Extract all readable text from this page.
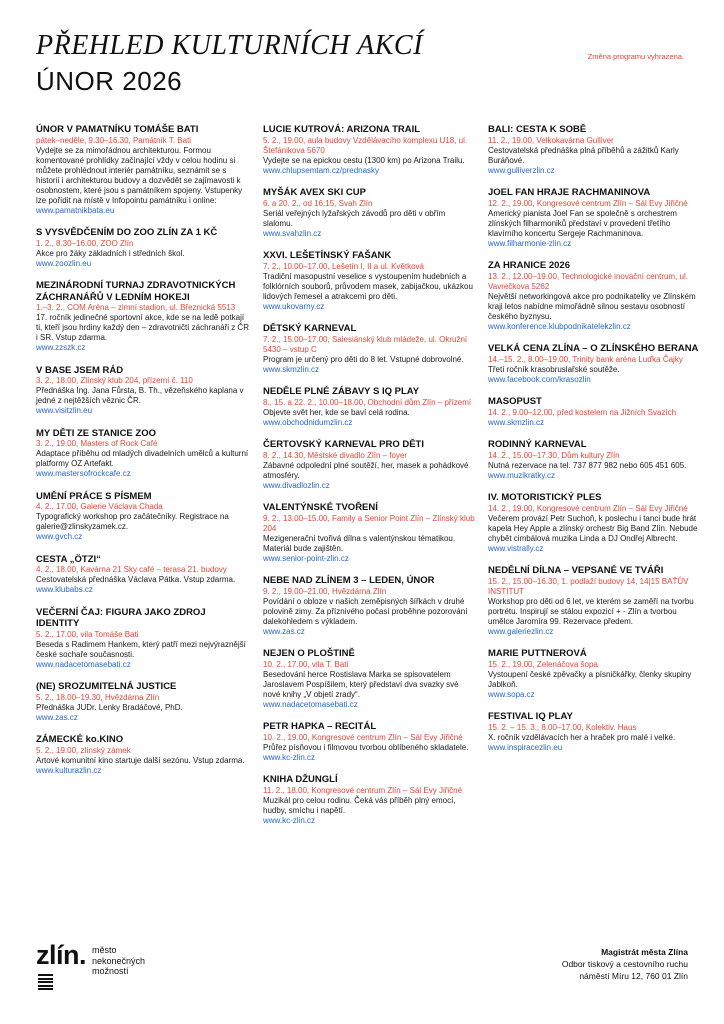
PŘEHLED KULTURNÍCH AKCÍ
ÚNOR 2026
Změna programu vyhrazena.
ÚNOR V PAMATNÍKU TOMÁŠE BATI
pátek–neděle, 9.30–16.30, Památník T. Bati
Vydejte se za mimořádnou architekturou. Formou komentované prohlídky začínající vždy v celou hodinu si můžete prohlédnout interiér památníku, seznámit se s historií i architekturou budovy a dozvědět se zajímavosti k osobnostem, které jsou s památníkem spojeny. Vstupenky lze pořídit na místě v Infopointu památníku i online:
www.pamatnikbata.eu
S VYSVĚDČENÍM DO ZOO ZLÍN ZA 1 KČ
1. 2., 8.30–16.00, ZOO Zlín
Akce pro žáky základních i středních škol.
www.zoozlin.eu
MEZINÁRODNÍ TURNAJ ZDRAVOTNICKÝCH ZÁCHRANÁŘŮ V LEDNÍM HOKEJI
1.–3. 2., COM Aréna – zimní stadion, ul. Březnická 5513
17. ročník jedinečné sportovní akce, kde se na ledě potkají ti, kteří jsou hrdiny každý den – zdravotničtí záchranáři z ČR i SR. Vstup zdarma.
www.zzszk.cz
V BASE JSEM RÁD
3. 2., 18.00, Zlínský klub 204, přízemí č. 110
Přednáška Ing. Jana Fůrsta, B. Th., vězeňského kaplana v jedné z nejtěžších věznic ČR.
www.visitzlin.eu
MY DĚTI ZE STANICE ZOO
3. 2., 19.00, Masters of Rock Café
Adaptace příběhu od mladých divadelních umělců a kulturní platformy OZ Artefakt.
www.mastersofrockcafe.cz
UMĚNÍ PRÁCE S PÍSMEM
4. 2., 17.00, Galerie Václava Chada
Typografický workshop pro začátečníky. Registrace na galerie@zlinskyzamek.cz.
www.gvch.cz
CESTA „ÖTZI“
4. 2., 18.00, Kavárna 21 Sky café – terasa 21. budovy
Cestovatelská přednáška Václava Pátka. Vstup zdarma.
www.klubabs.cz
VEČERNÍ ČAJ: FIGURA JAKO ZDROJ IDENTITY
5. 2., 17.00, vila Tomáše Bati
Beseda s Radimem Hankem, který patří mezi nejvýraznější české sochaře současnosti.
www.nadacetomasebati.cz
(NE) SROZUMITELNÁ JUSTICE
5. 2., 18.00–19.30, Hvězdárna Zlín
Přednáška JUDr. Lenky Bradáčové, PhD.
www.zas.cz
ZÁMECKÉ ko.KINO
5. 2., 19.00, zlínský zámek
Artové komunitní kino startuje další sezónu. Vstup zdarma.
www.kulturazlin.cz
LUCIE KUTROVÁ: ARIZONA TRAIL
5. 2., 19.00, aula budovy Vzdělávacího komplexu U18, ul. Štefánikova 5670
Vydejte se na epickou cestu (1300 km) po Arizona Trailu.
www.chlupsemtam.cz/prednasky
MYŠÁK AVEX SKI CUP
6. a 20. 2., od 16.15, Svah Zlín
Seriál veřejných lyžařských závodů pro děti v obřím slalomu.
www.svahzlin.cz
XXVI. LEŠETÍNSKÝ FAŠANK
7. 2., 10.00–17.00, Lešetín I, II a ul. Květková
Tradiční masopustní veselice s vystoupením hudebních a folklórních souborů, průvodem masek, zabijačkou, ukázkou lidových řemesel a atrakcemi pro děti.
www.ukovarny.cz
DĚTSKÝ KARNEVAL
7. 2., 15.00–17.00, Salesiánský klub mládeže, ul. Okružní 5430 – vstup C
Program je určený pro děti do 8 let. Vstupné dobrovolné.
www.skmzlin.cz
NEDĚLE PLNÉ ZÁBAVY S IQ PLAY
8., 15. a 22. 2., 10.00–18.00, Obchodní dům Zlín – přízemí
Objevte svět her, kde se baví celá rodina.
www.obchodnidumzlin.cz
ČERTOVSKÝ KARNEVAL PRO DĚTI
8. 2., 14.30, Městské divadlo Zlín – foyer
Zábavné odpolední plné soutěží, her, masek a pohádkové atmosféry.
www.divadlozlin.cz
VALENTÝNSKÉ TVOŘENÍ
9. 2., 13.00–15.00, Family a Senior Point Zlín – Zlínský klub 204
Mezigenerační tvořivá dílna s valentýnskou tématikou. Materiál bude zajištěn.
www.senior-point-zlin.cz
NEBE NAD ZLÍNEM 3 – LEDEN, ÚNOR
9. 2., 19.00–21.00, Hvězdárna Zlín
Povídání o obloze v našich zeměpisných šířkách v druhé polovině zimy. Za příznivého počasí proběhne pozorování dalekohledem s výkladem.
www.zas.cz
NEJEN O PLOŠTINĚ
10. 2., 17.00, vila T. Bati
Besedování herce Rostislava Marka se spisovatelem Jaroslavem Pospíšilem, který představí dva svazky své nové knihy „V objetí zrady“.
www.nadacetomasebati.cz
PETR HAPKA – RECITÁL
10. 2., 19.00, Kongresové centrum Zlín – Sál Evy Jiřičné
Průřez písňovou i filmovou tvorbou oblíbeného skladatele.
www.kc-zlin.cz
KNIHA DŽUNGLÍ
11. 2., 18.00, Kongresové centrum Zlín – Sál Evy Jiřičné
Muzikál pro celou rodinu. Čeká vás příběh plný emocí, hudby, smíchu i napětí.
www.kc-zlin.cz
BALI: CESTA K SOBĚ
11. 2., 19.00, Velkokavárna Gulliver
Cestovatelská přednáška plná příběhů a zážitků Karly Buráňové.
www.gulliverzlin.cz
JOEL FAN HRAJE RACHMANINOVA
12. 2., 19.00, Kongresové centrum Zlín – Sál Evy Jiřičné
Americký pianista Joel Fan se společně s orchestrem zlínských filharmoniků představí v provedení třetího klavírního koncertu Sergeje Rachmaninova.
www.filharmonie-zlin.cz
ZA HRANICE 2026
13. 2., 12.00–19.00, Technologické inovační centrum, ul. Vavrečkova 5262
Největší networkingová akce pro podnikatelky ve Zlínském kraji letos nabídne mimořádně silnou sestavu osobností českého byznysu.
www.konference.klubpodnikatelekzlin.cz
VELKÁ CENA ZLÍNA – O ZLÍNSKÉHO BERANA
14.–15. 2., 8.00–19.00, Trinity bank aréna Luďka Čajky
Třetí ročník krasobruslařské soutěže.
www.facebook.com/krasozlin
MASOPUST
14. 2., 9.00–12.00, před kostelem na Jižních Svazích
www.skmzlin.cz
RODINNÝ KARNEVAL
14. 2., 15.00–17.30, Dům kultury Zlín
Nutná rezervace na tel. 737 877 982 nebo 605 451 605.
www.muzikratky.cz
IV. MOTORISTICKÝ PLES
14. 2., 19.00, Kongresové centrum Zlín – Sál Evy Jiřičné
Večerem provází Petr Suchoň, k poslechu i tanci bude hrát kapela Hey Apple a zlínský orchestr Big Band Zlín. Nebude chybět cimbálová muzika Linda a DJ Ondřej Albrecht.
www.vistrally.cz
NEDĚLNÍ DÍLNA – VEPSANÉ VE TVÁŘI
15. 2., 15.00–16.30, 1. podlaží budovy 14, 14|15 BAŤŮV INSTITUT
Workshop pro děti od 6 let, ve kterém se zaměří na tvorbu portrétu. Inspirují se stálou expozicí + - Zlín a tvorbou umělce Jaromíra 99. Rezervace předem.
www.galeriezlin.cz
MARIE PUTTNEROVÁ
15. 2., 19.00, Zelenáčova šopa
Vystoupení české zpěvačky a písničkářky, členky skupiny Jablkoň.
www.sopa.cz
FESTIVAL IQ PLAY
15. 2. – 15. 3., 8.00–17.00, Kolektiv. Haus
X. ročník vzdělávacích her a hraček pro malé i velké.
www.inspiracezlin.eu
zlín. město
nekonečných
možností
Magistrát města Zlína
Odbor tiskový a cestovního ruchu
náměstí Míru 12, 760 01 Zlín
